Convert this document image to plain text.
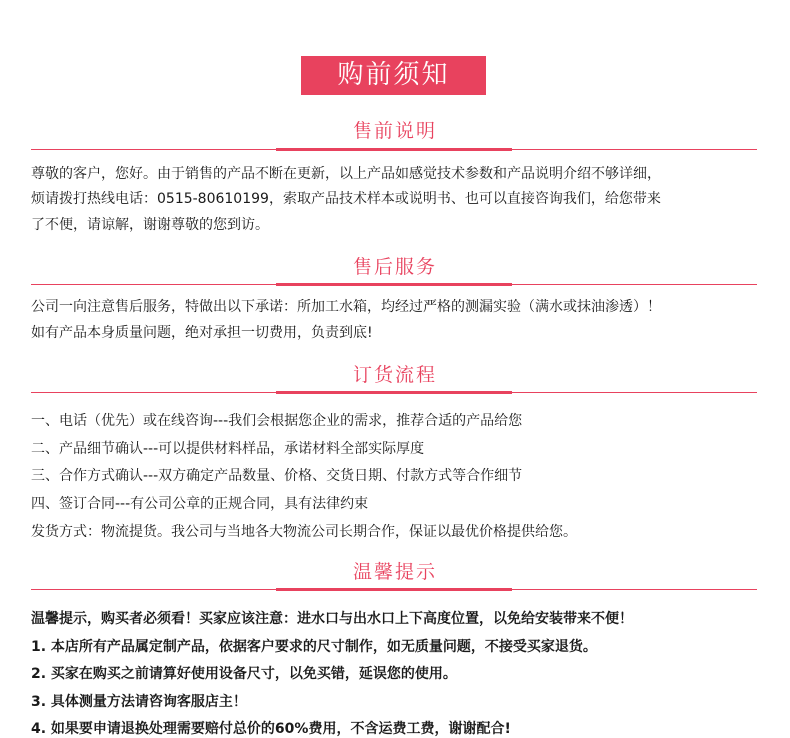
购前须知
售前说明
尊敬的客户，您好。由于销售的产品不断在更新，以上产品如感觉技术参数和产品说明介绍不够详细，
烦请拨打热线电话：0515-80610199，索取产品技术样本或说明书、也可以直接咨询我们，给您带来
了不便，请谅解，谢谢尊敬的您到访。
售后服务
公司一向注意售后服务，特做出以下承诺：所加工水箱，均经过严格的测漏实验（满水或抹油渗透）！
如有产品本身质量问题，绝对承担一切费用，负责到底!
订货流程
一、电话（优先）或在线咨询---我们会根据您企业的需求，推荐合适的产品给您
二、产品细节确认---可以提供材料样品，承诺材料全部实际厚度
三、合作方式确认---双方确定产品数量、价格、交货日期、付款方式等合作细节
四、签订合同---有公司公章的正规合同，具有法律约束
发货方式：物流提货。我公司与当地各大物流公司长期合作，保证以最优价格提供给您。
温馨提示
温馨提示，购买者必须看！买家应该注意：进水口与出水口上下高度位置，以免给安装带来不便！
1. 本店所有产品属定制产品，依据客户要求的尺寸制作，如无质量问题，不接受买家退货。
2. 买家在购买之前请算好使用设备尺寸，以免买错，延误您的使用。
3. 具体测量方法请咨询客服店主！
4. 如果要申请退换处理需要赔付总价的60%费用，不含运费工费，谢谢配合!
